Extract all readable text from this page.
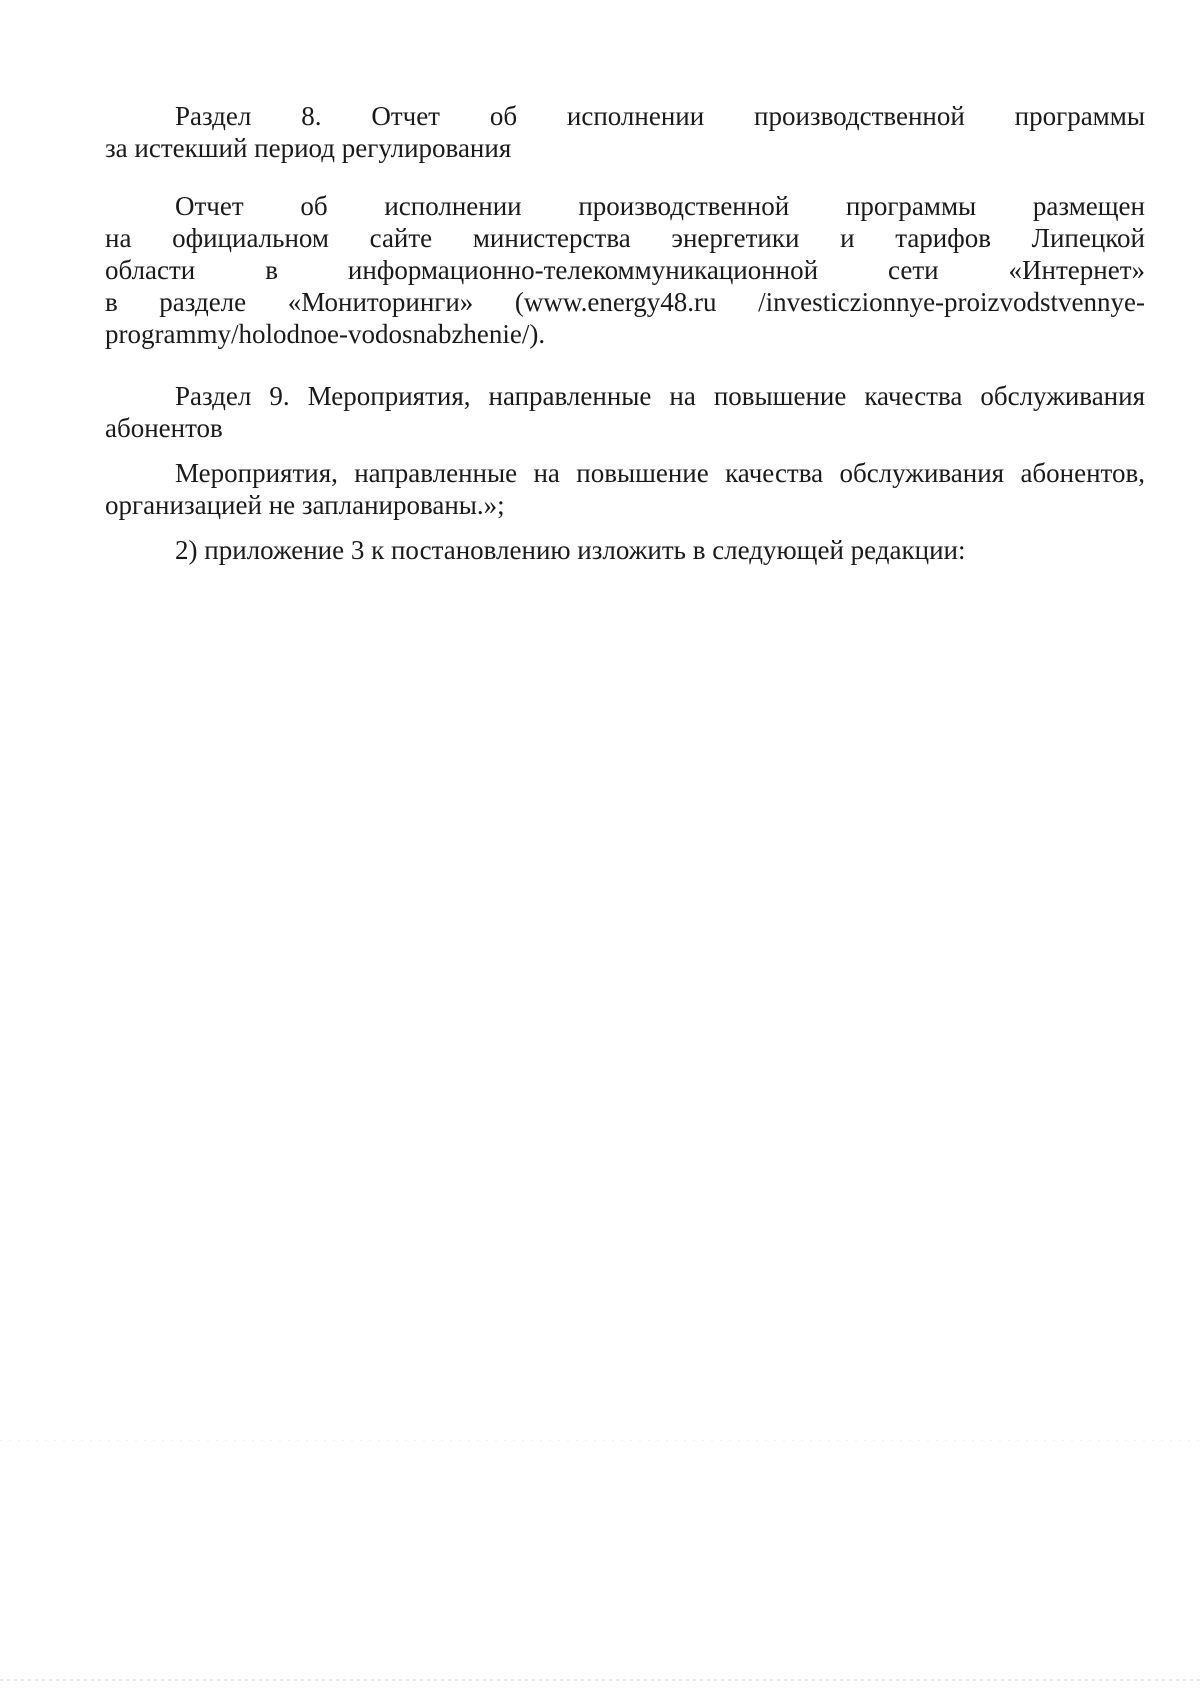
Раздел 8. Отчет об исполнении производственной программы
за истекший период регулирования
Отчет об исполнении производственной программы размещен
на официальном сайте министерства энергетики и тарифов Липецкой
области в информационно-телекоммуникационной сети «Интернет»
в разделе «Мониторинги» (www.energy48.ru /investicziоnnye-proizvodstvennye-
programmy/holodnoe-vodosnabzhenie/).
Раздел 9. Мероприятия, направленные на повышение качества обслуживания
абонентов
Мероприятия, направленные на повышение качества обслуживания абонентов,
организацией не запланированы.»;
2) приложение 3 к постановлению изложить в следующей редакции:
